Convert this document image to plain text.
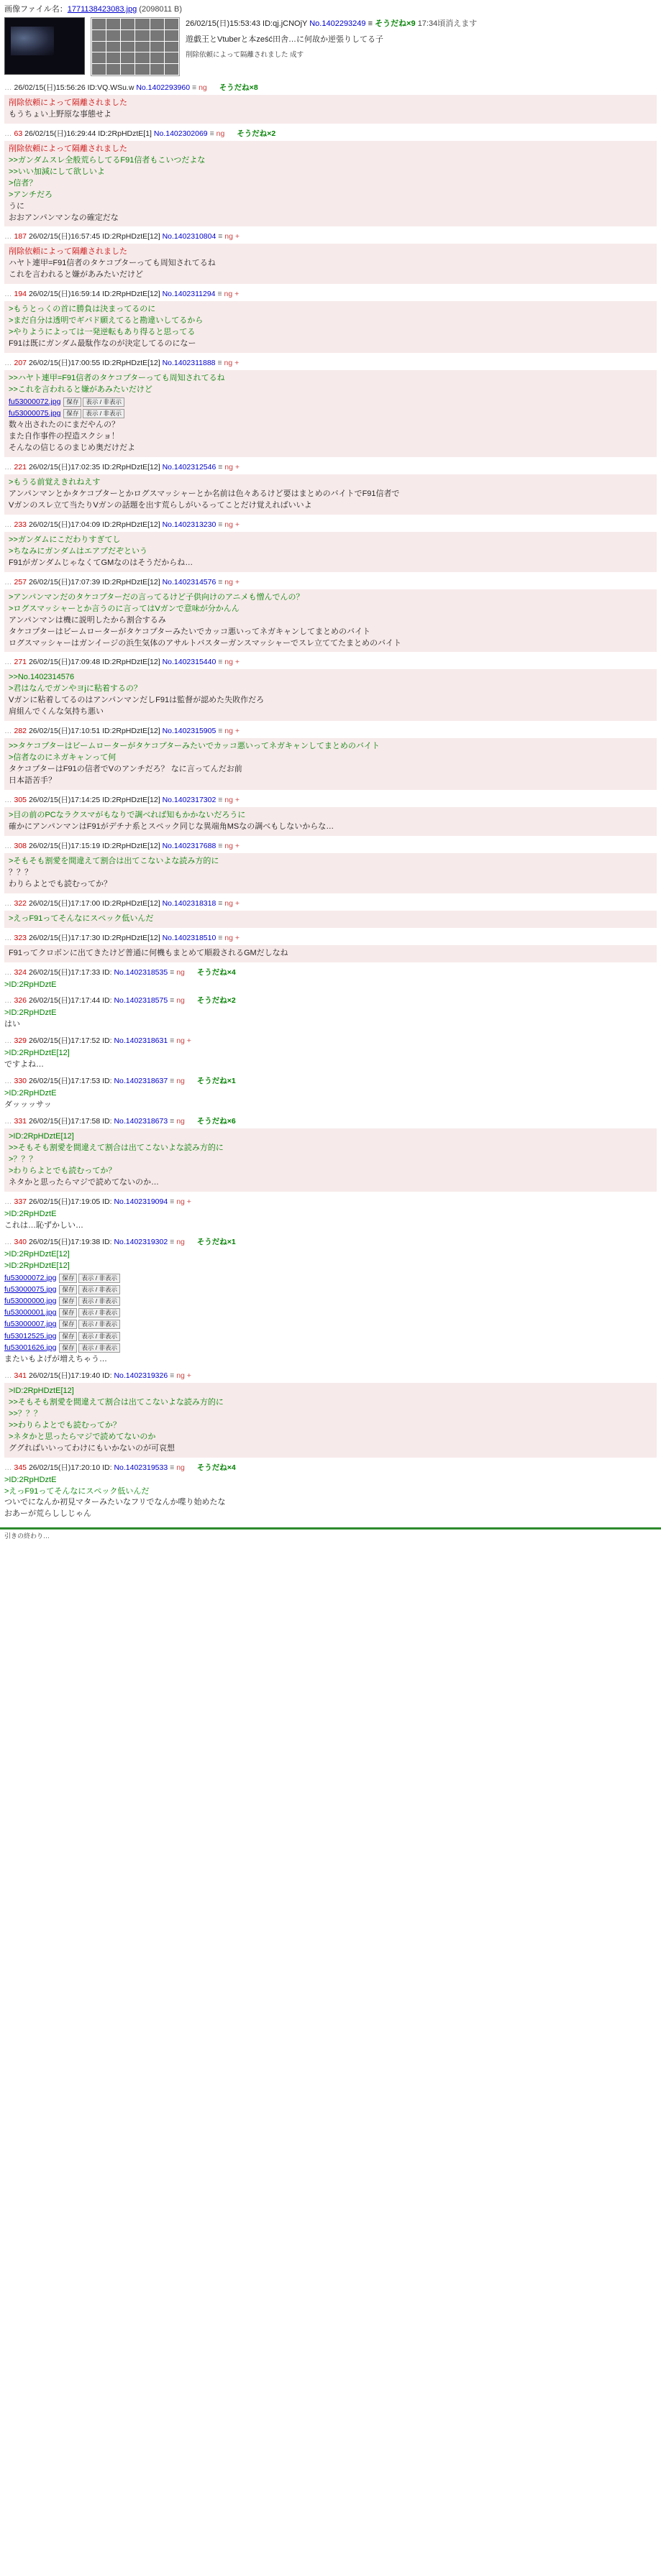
画像ファイル名：1771138423083.jpg (2098011 B)
26/02/15(日)15:53:43 ID:qj.jCNOjY No.1402293249 ≡ そうだね×9 17:34頃消えます
遊戯王とVtuberと本ześć田舎…に何故か逆張りしてる子
削除依頼によって隔離されました 成す
… 26/02/15(日)15:56:26 ID:VQ.WSu.w No.1402293960 ≡ ng そうだね×8
削除依頼によって隔離されました
もうちょい上野原な事態せよ
… 63 26/02/15(日)16:29:44 ID:2RpHDztE[1] No.1402302069 ≡ ng そうだね×2
削除依頼によって隔離されました
>>ガンダムスレ全般荒らしてるF91信者もこいつだよな
>>いい加減にして欲しいよ
>信者？
>アンチだろ
うに
おおアンパンマンなの確定だな
… 187 26/02/15(日)16:57:45 ID:2RpHDztE[12] No.1402310804 ≡ ng +
削除依頼によって隔離されました
ハヤト連甲=F91信者のタケコプターっても周知されてるね
これを言われると嫌があみたいだけど
… 194 26/02/15(日)16:59:14 ID:2RpHDztE[12] No.1402311294 ≡ ng +
>もうとっくの首に勝負は決まってるのに
>まだ自分は透明でギバド願えてると勘違いしてるから
>やりようによっては一発逆転もあり得ると思ってる
F91は既にガンダム最駄作なのが決定してるのになー
… 207 26/02/15(日)17:00:55 ID:2RpHDztE[12] No.1402311888 ≡ ng +
>>ハヤト連甲=F91信者のタケコプターっても周知されてるね
>>これを言われると嫌があみたいだけど
fu53000072.jpg 保存	表示 / 非表示
fu53000075.jpg 保存	表示 / 非表示
数々出されたのにまだやんの？
また自作事件の捏造スクショ！
そんなの信じるのまじめ奥だけだよ
… 221 26/02/15(日)17:02:35 ID:2RpHDztE[12] No.1402312546 ≡ ng +
>もうる前覚えきれねえす
アンパンマンとかタケコプターとかログスマッシャーとか名前は色々あるけど要はまとめのバイトでF91信者で
Vガンのスレ立て当たりVガンの話題を出す荒らしがいるってことだけ覚えればいいよ
… 233 26/02/15(日)17:04:09 ID:2RpHDztE[12] No.1402313230 ≡ ng +
>>ガンダムにこだわりすぎてし
>ちなみにガンダムはエアプだぞという
F91がガンダムじゃなくてGMなのはそうだからね…
… 257 26/02/15(日)17:07:39 ID:2RpHDztE[12] No.1402314576 ≡ ng +
>アンパンマンだのタケコプターだの言ってるけど子供向けのアニメも憎んでんの？
>ログスマッシャーとか言うのに言ってはVガンで意味が分かんん
アンパンマンは機に説明したから割合するみ
タケコプターはビームローターがタケコプターみたいでカッコ悪いってネガキャンしてまとめのバイト
ログスマッシャーはガンイージの浜生気体のアサルトバスターガンスマッシャーでスレ立ててたまとめのバイト
… 271 26/02/15(日)17:09:48 ID:2RpHDztE[12] No.1402315440 ≡ ng +
>>No.1402314576
>君はなんでガンやヨjに粘着するの？
Vガンに粘着してるのはアンパンマンだしF91は監督が認めた失敗作だろ
肩組んでくんな気持ち悪い
… 282 26/02/15(日)17:10:51 ID:2RpHDztE[12] No.1402315905 ≡ ng +
>>タケコプターはビームローターがタケコプターみたいでカッコ悪いってネガキャンしてまとめのバイト
>信者なのにネガキャンって何
タケコプターはF91の信者でVのアンチだろ？ なに言ってんだお前
日本語苦手？
… 305 26/02/15(日)17:14:25 ID:2RpHDztE[12] No.1402317302 ≡ ng +
>目の前のPCなラクスマがもなりで調べれば知もかかないだろうに
確かにアンパンマンはF91がデチナ系とスペック同じな異端角MSなの調べもしないからな…
… 308 26/02/15(日)17:15:19 ID:2RpHDztE[12] No.1402317688 ≡ ng +
>そもそも割愛を間違えて割合は出てこないよな読み方的に
？？？
わりらよとでも読むってか？
… 322 26/02/15(日)17:17:00 ID:2RpHDztE[12] No.1402318318 ≡ ng +
>えっF91ってそんなにスペック低いんだ
… 323 26/02/15(日)17:17:30 ID:2RpHDztE[12] No.1402318510 ≡ ng +
F91ってクロボンに出てきたけど普通に何機もまとめて順殺されるGMだしなね
… 324 26/02/15(日)17:17:33 ID: No.1402318535 ≡ ng そうだね×4
>ID:2RpHDztE
… 326 26/02/15(日)17:17:44 ID: No.1402318575 ≡ ng そうだね×2
>ID:2RpHDztE
はい
… 329 26/02/15(日)17:17:52 ID: No.1402318631 ≡ ng +
>ID:2RpHDztE[12]
ですよね…
… 330 26/02/15(日)17:17:53 ID: No.1402318637 ≡ ng そうだね×1
>ID:2RpHDztE
ダッッッサッ
… 331 26/02/15(日)17:17:58 ID: No.1402318673 ≡ ng そうだね×6
>ID:2RpHDztE[12]
>>そもそも割愛を間違えて割合は出てこないよな読み方的に
>？？？
>わりらよとでも読むってか？
ネタかと思ったらマジで読めてないのか…
… 337 26/02/15(日)17:19:05 ID: No.1402319094 ≡ ng +
>ID:2RpHDztE
これは…恥ずかしい…
… 340 26/02/15(日)17:19:38 ID: No.1402319302 ≡ ng そうだね×1
>ID:2RpHDztE[12]
>ID:2RpHDztE[12]
fu53000072.jpg 保存	表示 / 非表示
fu53000075.jpg 保存	表示 / 非表示
fu53000000.jpg 保存	表示 / 非表示
fu53000001.jpg 保存	表示 / 非表示
fu53000007.jpg 保存	表示 / 非表示
fu53012525.jpg 保存	表示 / 非表示
fu53001626.jpg 保存	表示 / 非表示
またいもよげが増えちゃう…
… 341 26/02/15(日)17:19:40 ID: No.1402319326 ≡ ng +
>ID:2RpHDztE[12]
>>そもそも割愛を間違えて割合は出てこないよな読み方的に
>>？？？
>>わりらよとでも読むってか？
>ネタかと思ったらマジで読めてないのか
ググればいいってわけにもいかないのが可哀想
… 345 26/02/15(日)17:20:10 ID: No.1402319533 ≡ ng そうだね×4
>ID:2RpHDztE
>えっF91ってそんなにスペック低いんだ
ついでになんか初見マターみたいなフリでなんか喋り始めたな
おあーが荒らししじゃん
引きの終わり…
